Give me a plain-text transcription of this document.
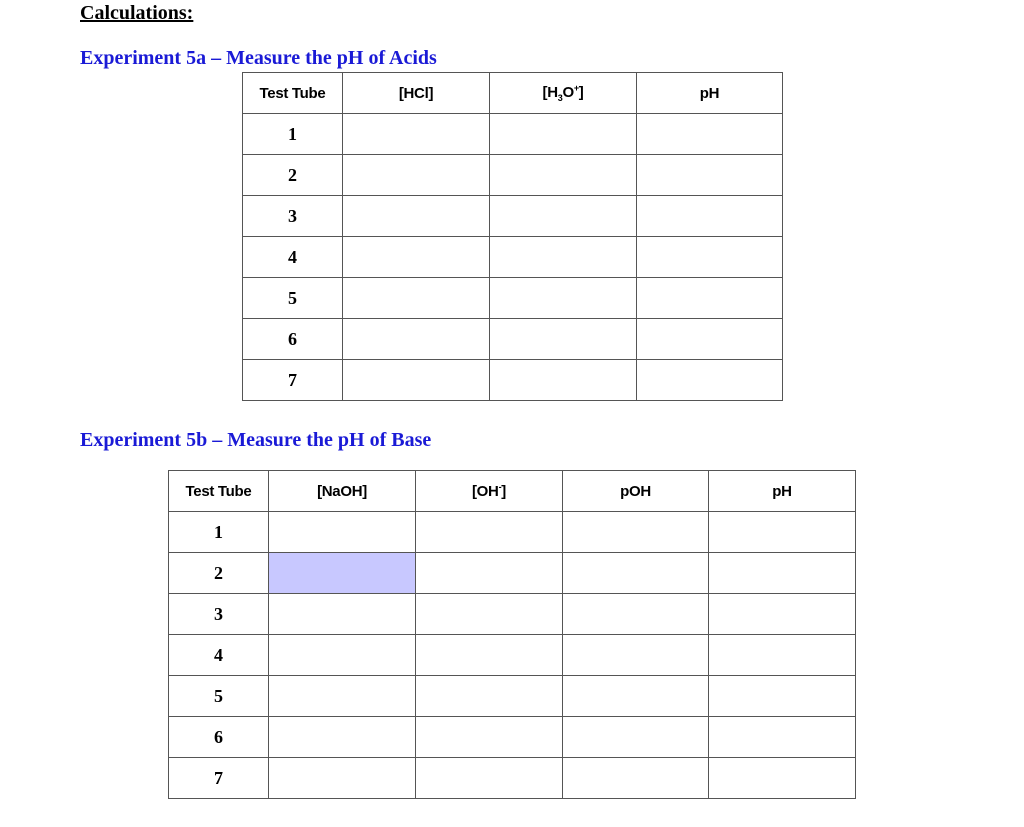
Calculations:
Experiment 5a – Measure the pH of Acids
Test Tube	[HCl]	$[H_3O^+]$	pH
1			
2			
3			
4			
5			
6			
7			
Experiment 5b – Measure the pH of Base
Test Tube	[NaOH]	[OH-]	pOH	pH
1				
2				
3				
4				
5				
6				
7				
